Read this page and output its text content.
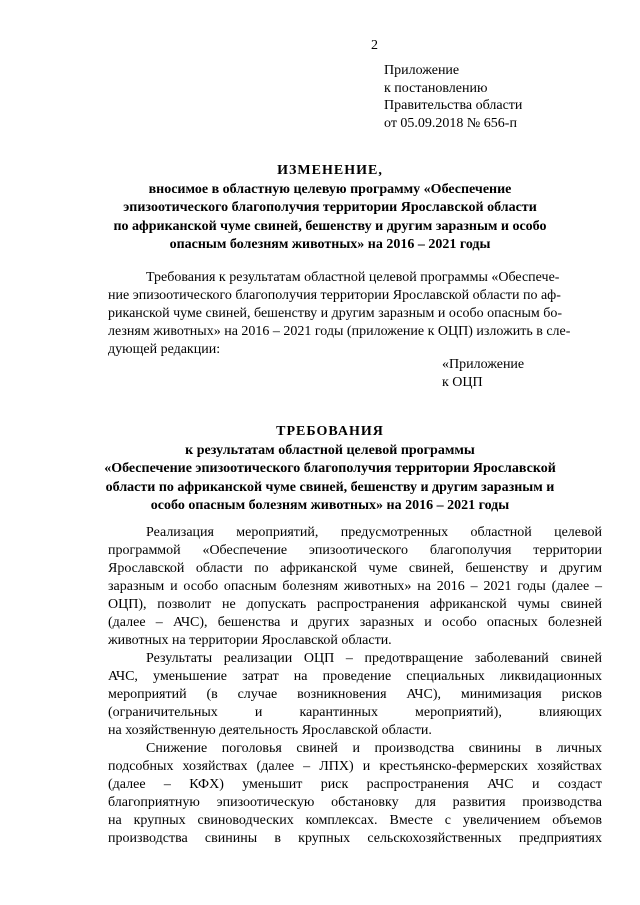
2
Приложение
к постановлению
Правительства области
от 05.09.2018 № 656-п
ИЗМЕНЕНИЕ,
вносимое в областную целевую программу «Обеспечение
эпизоотического благополучия территории Ярославской области
по африканской чуме свиней, бешенству и другим заразным и особо
опасным болезням животных» на 2016 – 2021 годы
Требования к результатам областной целевой программы «Обеспече-
ние эпизоотического благополучия территории Ярославской области по аф-
риканской чуме свиней, бешенству и другим заразным и особо опасным бо-
лезням животных» на 2016 – 2021 годы (приложение к ОЦП) изложить в сле-
дующей редакции:
«Приложение
к ОЦП
ТРЕБОВАНИЯ
к результатам областной целевой программы
«Обеспечение эпизоотического благополучия территории Ярославской
области по африканской чуме свиней, бешенству и другим заразным и
особо опасным болезням животных» на 2016 – 2021 годы
Реализация мероприятий, предусмотренных областной целевой
программой «Обеспечение эпизоотического благополучия территории
Ярославской области по африканской чуме свиней, бешенству и другим
заразным и особо опасным болезням животных» на 2016 – 2021 годы (далее –
ОЦП), позволит не допускать распространения африканской чумы свиней
(далее – АЧС), бешенства и других заразных и особо опасных болезней
животных на территории Ярославской области.
Результаты реализации ОЦП – предотвращение заболеваний свиней
АЧС, уменьшение затрат на проведение специальных ликвидационных
мероприятий (в случае возникновения АЧС), минимизация рисков
(ограничительных и карантинных мероприятий), влияющих
на хозяйственную деятельность Ярославской области.
Снижение поголовья свиней и производства свинины в личных
подсобных хозяйствах (далее – ЛПХ) и крестьянско-фермерских хозяйствах
(далее – КФХ) уменьшит риск распространения АЧС и создаст
благоприятную эпизоотическую обстановку для развития производства
на крупных свиноводческих комплексах. Вместе с увеличением объемов
производства свинины в крупных сельскохозяйственных предприятиях
